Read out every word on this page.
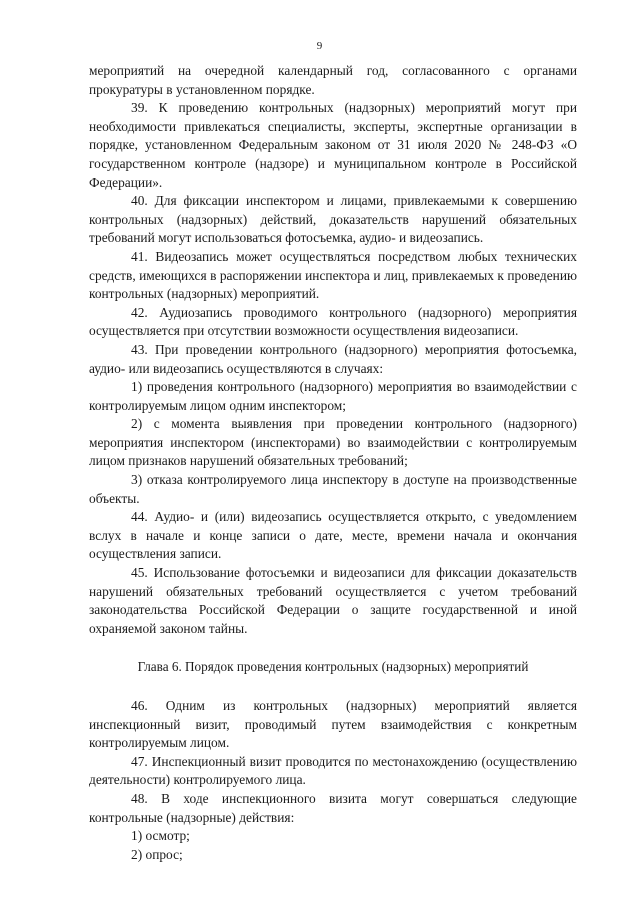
9

мероприятий на очередной календарный год, согласованного с органами прокуратуры в установленном порядке.

39. К проведению контрольных (надзорных) мероприятий могут при необходимости привлекаться специалисты, эксперты, экспертные организации в порядке, установленном Федеральным законом от 31 июля 2020 № 248-ФЗ «О государственном контроле (надзоре) и муниципальном контроле в Российской Федерации».

40. Для фиксации инспектором и лицами, привлекаемыми к совершению контрольных (надзорных) действий, доказательств нарушений обязательных требований могут использоваться фотосъемка, аудио- и видеозапись.

41. Видеозапись может осуществляться посредством любых технических средств, имеющихся в распоряжении инспектора и лиц, привлекаемых к проведению контрольных (надзорных) мероприятий.

42. Аудиозапись проводимого контрольного (надзорного) мероприятия осуществляется при отсутствии возможности осуществления видеозаписи.

43. При проведении контрольного (надзорного) мероприятия фотосъемка, аудио- или видеозапись осуществляются в случаях:

1) проведения контрольного (надзорного) мероприятия во взаимодействии с контролируемым лицом одним инспектором;

2) с момента выявления при проведении контрольного (надзорного) мероприятия инспектором (инспекторами) во взаимодействии с контролируемым лицом признаков нарушений обязательных требований;

3) отказа контролируемого лица инспектору в доступе на производственные объекты.

44. Аудио- и (или) видеозапись осуществляется открыто, с уведомлением вслух в начале и конце записи о дате, месте, времени начала и окончания осуществления записи.

45. Использование фотосъемки и видеозаписи для фиксации доказательств нарушений обязательных требований осуществляется с учетом требований законодательства Российской Федерации о защите государственной и иной охраняемой законом тайны.

Глава 6. Порядок проведения контрольных (надзорных) мероприятий

46. Одним из контрольных (надзорных) мероприятий является инспекционный визит, проводимый путем взаимодействия с конкретным контролируемым лицом.

47. Инспекционный визит проводится по местонахождению (осуществлению деятельности) контролируемого лица.

48. В ходе инспекционного визита могут совершаться следующие контрольные (надзорные) действия:

1) осмотр;

2) опрос;
